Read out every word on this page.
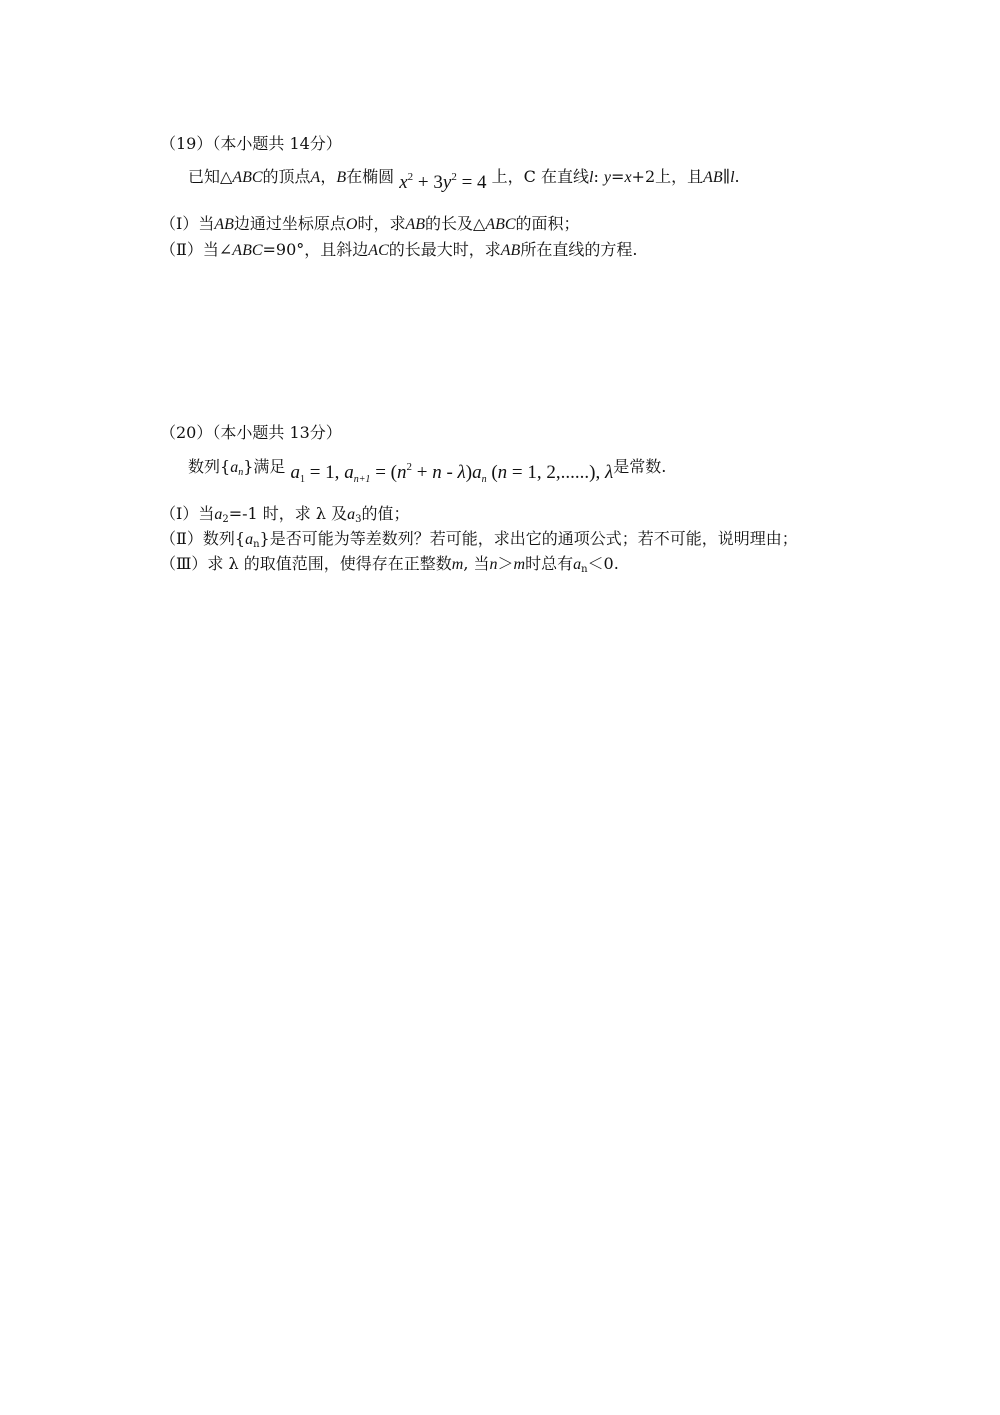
（19）（本小题共 14分）
已知△ABC的顶点A，B在椭圆 $x^2 + 3y^2 = 4$ 上，C 在直线l: y=x+2上，且AB∥l.
（Ⅰ）当AB边通过坐标原点O时，求AB的长及△ABC的面积；
（Ⅱ）当∠ABC=90°，且斜边AC的长最大时，求AB所在直线的方程.
（20）（本小题共 13分）
数列$\{a_n\}$满足 $a_1 = 1$, $a_{n+1} = (n^2 + n - \lambda)a_n$ (n = 1, 2,......), λ是常数.
（Ⅰ）当$a_2=-1$ 时，求 λ 及$a_3$的值；
（Ⅱ）数列$\{a_n\}$是否可能为等差数列？若可能，求出它的通项公式；若不可能，说明理由；
（Ⅲ）求 λ 的取值范围，使得存在正整数m, 当n＞m时总有$a_n<0$.
